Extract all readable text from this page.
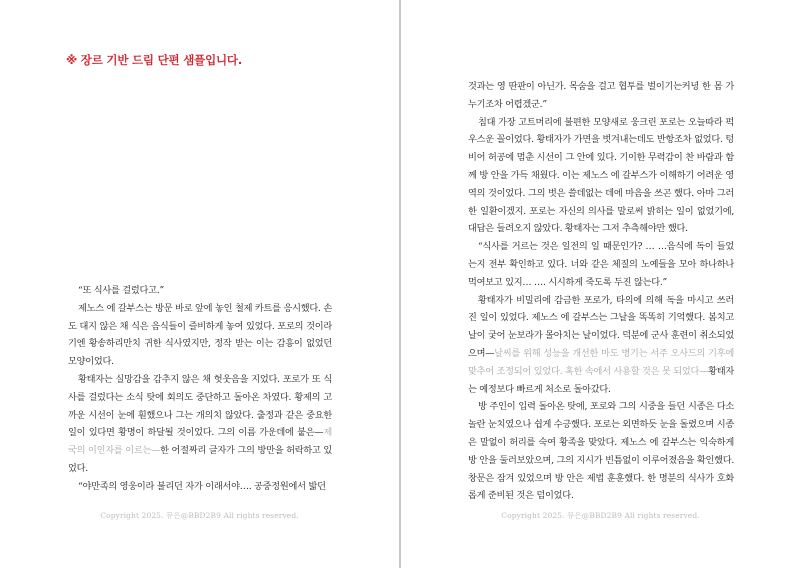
※ 장르 기반 드림 단편 샘플입니다.

“또 식사를 걸렀다고.”

제노스 에 갈부스는 방문 바로 앞에 놓인 철제 카트를 응시했다. 손도 대지 않은 채 식은 음식들이 즐비하게 놓여 있었다. 포로의 것이라기엔 황송하리만치 귀한 식사였지만, 정작 받는 이는 감흥이 없었던 모양이었다.

황태자는 실망감을 감추지 않은 채 헛웃음을 지었다. 포로가 또 식사를 걸렀다는 소식 탓에 회의도 중단하고 돌아온 차였다. 황제의 고까운 시선이 눈에 훤했으나 그는 개의치 않았다. 출정과 같은 중요한 일이 있다면 황명이 하달될 것이었다. 그의 이름 가운데에 붙은—제국의 이인자를 이르는—한 어절짜리 글자가 그의 방만을 허락하고 있었다.

“야만족의 영웅이라 불리던 자가 이래서야…. 공중정원에서 밟던

Copyright 2025. 뮤은@BBD2B9 All rights reserved.

것과는 영 딴판이 아닌가. 목숨을 걸고 협투를 벌이기는커녕 한 몸 가누기조차 어렵겠군.”

침대 가장 고트머리에 불편한 모양새로 웅크린 포로는 오늘따라 퍽 우스운 꼴이었다. 황태자가 가면을 벗겨내는데도 반항조차 없었다. 텅 비어 허공에 멈춘 시선이 그 안에 있다. 기이한 무력감이 찬 바람과 함께 방 안을 가득 채웠다. 이는 제노스 에 갈부스가 이해하기 어려운 영역의 것이었다. 그의 벗은 쓸데없는 데에 마음을 쓰곤 했다. 아마 그러한 일환이겠지. 포로는 자신의 의사를 말로써 밝히는 일이 없었기에, 대답은 들려오지 않았다. 황태자는 그저 추측해야만 했다.

“식사를 거르는 것은 일전의 일 때문인가? … …음식에 독이 들었는지 전부 확인하고 있다. 너와 같은 체질의 노예들을 모아 하나하나 먹여보고 있지… …. 시시하게 죽도록 두진 않는다.”

황태자가 비밀리에 감금한 포로가, 타의에 의해 독을 마시고 쓰러진 일이 있었다. 제노스 에 갈부스는 그날을 똑똑히 기억했다. 봄치고 날이 궂어 눈보라가 몰아치는 날이었다. 덕분에 군사 훈련이 취소되었으며—날씨를 위해 성능을 개선한 마도 병기는 서주 오사드의 기후에 맞추어 조정되어 있었다. 혹한 속에서 사용할 것은 못 되었다—황태자는 예정보다 빠르게 처소로 돌아갔다.

방 주인이 입력 돌아온 탓에, 포로와 그의 시중을 들던 시종은 다소 놀란 눈치였으나 쉽게 수긍했다. 포로는 외면하듯 눈을 돌렸으며 시종은 말없이 허리를 숙여 황족을 맞았다. 제노스 에 갈부스는 익숙하게 방 안을 둘러보았으며, 그의 지시가 빈틈없이 이루어졌음을 확인했다. 창문은 잠겨 있었으며 방 안은 제법 훈훈했다. 한 명분의 식사가 호화롭게 준비된 것은 덤이었다.

Copyright 2025. 뮤은@BBD2B9 All rights reserved.
